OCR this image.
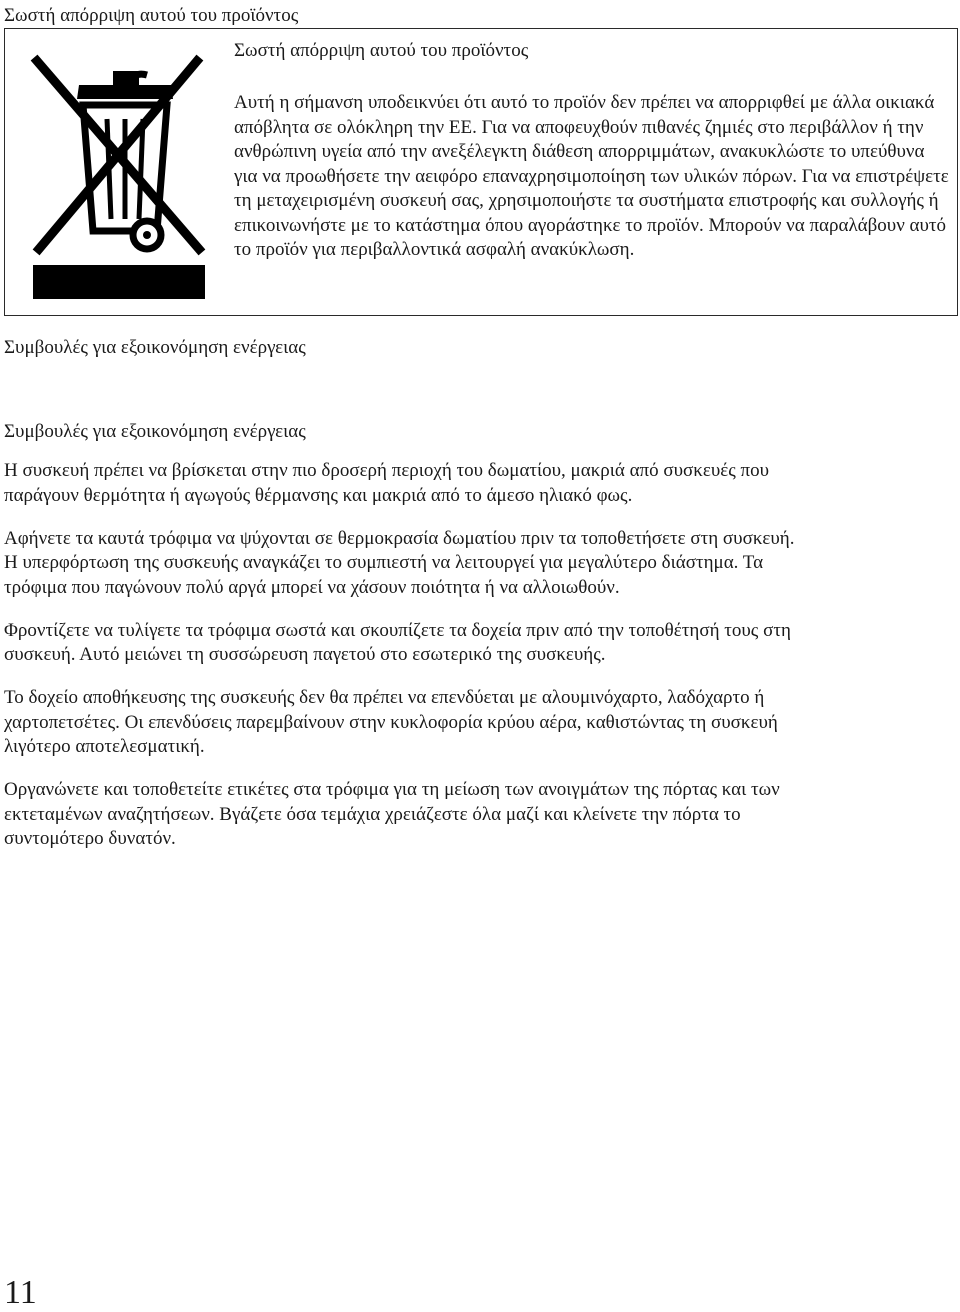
Σωστή απόρριψη αυτού του προϊόντος
Σωστή απόρριψη αυτού του προϊόντος
Αυτή η σήμανση υποδεικνύει ότι αυτό το προϊόν δεν πρέπει να απορριφθεί με άλλα οικιακά απόβλητα σε ολόκληρη την ΕΕ. Για να αποφευχθούν πιθανές ζημιές στο περιβάλλον ή την ανθρώπινη υγεία από την ανεξέλεγκτη διάθεση απορριμμάτων, ανακυκλώστε το υπεύθυνα για να προωθήσετε την αειφόρο επαναχρησιμοποίηση των υλικών πόρων. Για να επιστρέψετε τη μεταχειρισμένη συσκευή σας, χρησιμοποιήστε τα συστήματα επιστροφής και συλλογής ή επικοινωνήστε με το κατάστημα όπου αγοράστηκε το προϊόν. Μπορούν να παραλάβουν αυτό το προϊόν για περιβαλλοντικά ασφαλή ανακύκλωση.
Συμβουλές για εξοικονόμηση ενέργειας
Συμβουλές για εξοικονόμηση ενέργειας

Η συσκευή πρέπει να βρίσκεται στην πιο δροσερή περιοχή του δωματίου, μακριά από συσκευές που παράγουν θερμότητα ή αγωγούς θέρμανσης και μακριά από το άμεσο ηλιακό φως.

Αφήνετε τα καυτά τρόφιμα να ψύχονται σε θερμοκρασία δωματίου πριν τα τοποθετήσετε στη συσκευή. Η υπερφόρτωση της συσκευής αναγκάζει το συμπιεστή να λειτουργεί για μεγαλύτερο διάστημα. Τα τρόφιμα που παγώνουν πολύ αργά μπορεί να χάσουν ποιότητα ή να αλλοιωθούν.

Φροντίζετε να τυλίγετε τα τρόφιμα σωστά και σκουπίζετε τα δοχεία πριν από την τοποθέτησή τους στη συσκευή. Αυτό μειώνει τη συσσώρευση παγετού στο εσωτερικό της συσκευής.

Το δοχείο αποθήκευσης της συσκευής δεν θα πρέπει να επενδύεται με αλουμινόχαρτο, λαδόχαρτο ή χαρτοπετσέτες. Οι επενδύσεις παρεμβαίνουν στην κυκλοφορία κρύου αέρα, καθιστώντας τη συσκευή λιγότερο αποτελεσματική.

Οργανώνετε και τοποθετείτε ετικέτες στα τρόφιμα για τη μείωση των ανοιγμάτων της πόρτας και των εκτεταμένων αναζητήσεων. Βγάζετε όσα τεμάχια χρειάζεστε όλα μαζί και κλείνετε την πόρτα το συντομότερο δυνατόν.

11
